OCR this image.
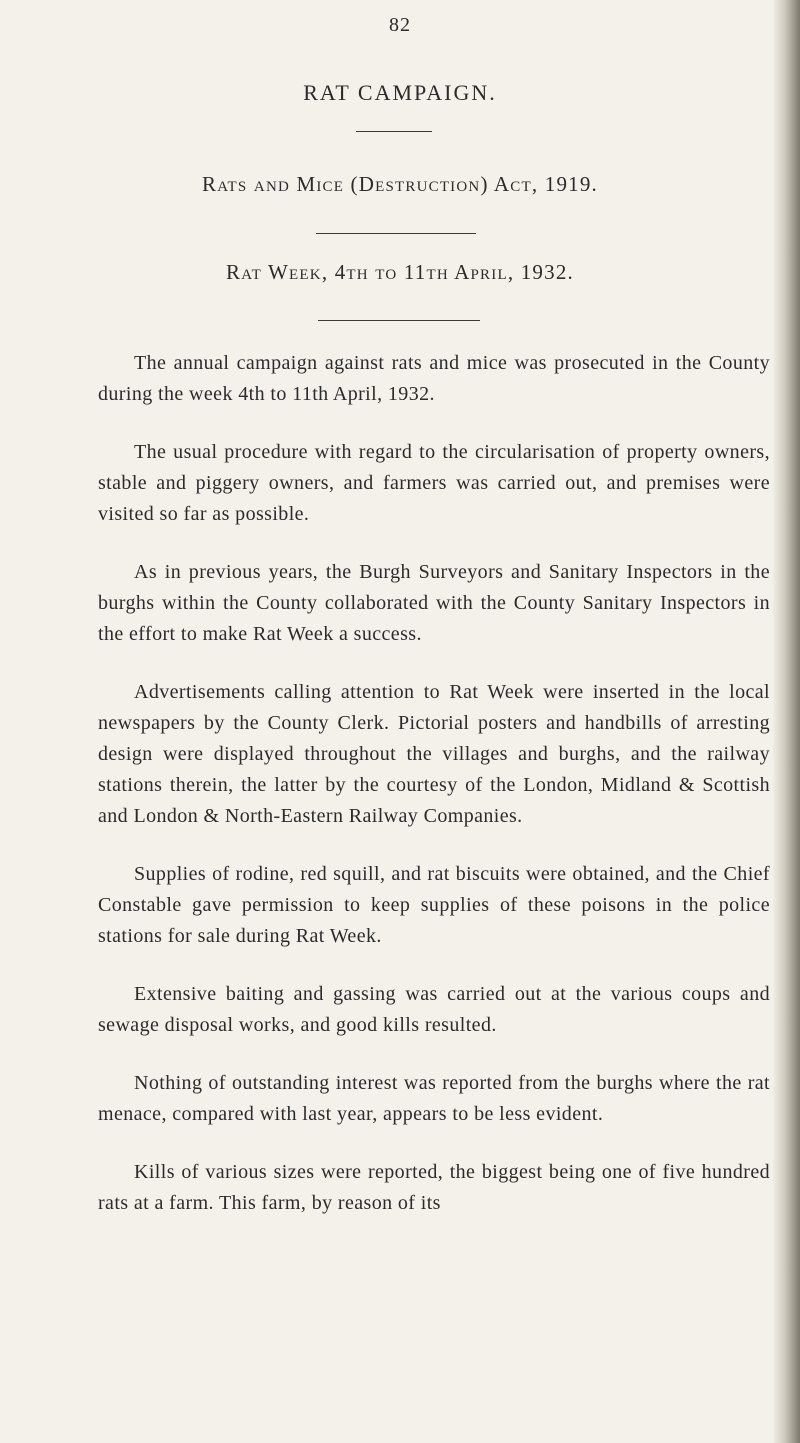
82
RAT CAMPAIGN.
Rats and Mice (Destruction) Act, 1919.
Rat Week, 4th to 11th April, 1932.

The annual campaign against rats and mice was prosecuted in the County during the week 4th to 11th April, 1932.

The usual procedure with regard to the circularisation of property owners, stable and piggery owners, and farmers was carried out, and premises were visited so far as possible.

As in previous years, the Burgh Surveyors and Sanitary Inspectors in the burghs within the County collaborated with the County Sanitary Inspectors in the effort to make Rat Week a success.

Advertisements calling attention to Rat Week were inserted in the local newspapers by the County Clerk. Pictorial posters and handbills of arresting design were displayed throughout the villages and burghs, and the railway stations therein, the latter by the courtesy of the London, Midland & Scottish and London & North-Eastern Railway Companies.

Supplies of rodine, red squill, and rat biscuits were obtained, and the Chief Constable gave permission to keep supplies of these poisons in the police stations for sale during Rat Week.

Extensive baiting and gassing was carried out at the various coups and sewage disposal works, and good kills resulted.

Nothing of outstanding interest was reported from the burghs where the rat menace, compared with last year, appears to be less evident.

Kills of various sizes were reported, the biggest being one of five hundred rats at a farm. This farm, by reason of its
